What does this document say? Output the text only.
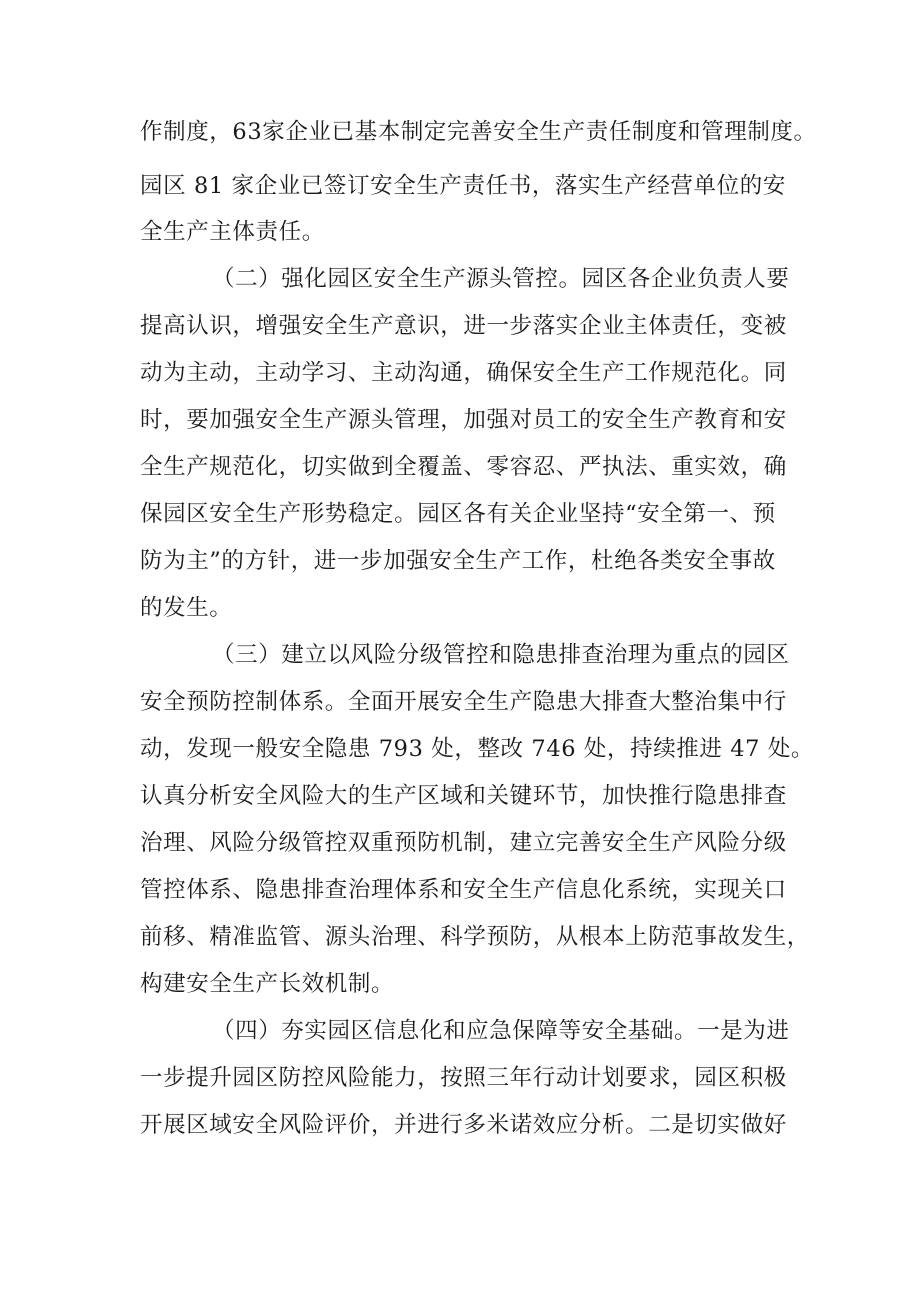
作制度，63家企业已基本制定完善安全生产责任制度和管理制度。
园区 81 家企业已签订安全生产责任书，落实生产经营单位的安
全生产主体责任。
（二）强化园区安全生产源头管控。园区各企业负责人要
提高认识，增强安全生产意识，进一步落实企业主体责任，变被
动为主动，主动学习、主动沟通，确保安全生产工作规范化。同
时，要加强安全生产源头管理，加强对员工的安全生产教育和安
全生产规范化，切实做到全覆盖、零容忍、严执法、重实效，确
保园区安全生产形势稳定。园区各有关企业坚持“安全第一、预
防为主”的方针，进一步加强安全生产工作，杜绝各类安全事故
的发生。
（三）建立以风险分级管控和隐患排查治理为重点的园区
安全预防控制体系。全面开展安全生产隐患大排查大整治集中行
动，发现一般安全隐患 793 处，整改 746 处，持续推进 47 处。
认真分析安全风险大的生产区域和关键环节，加快推行隐患排查
治理、风险分级管控双重预防机制，建立完善安全生产风险分级
管控体系、隐患排查治理体系和安全生产信息化系统，实现关口
前移、精准监管、源头治理、科学预防，从根本上防范事故发生，
构建安全生产长效机制。
（四）夯实园区信息化和应急保障等安全基础。一是为进
一步提升园区防控风险能力，按照三年行动计划要求，园区积极
开展区域安全风险评价，并进行多米诺效应分析。二是切实做好
